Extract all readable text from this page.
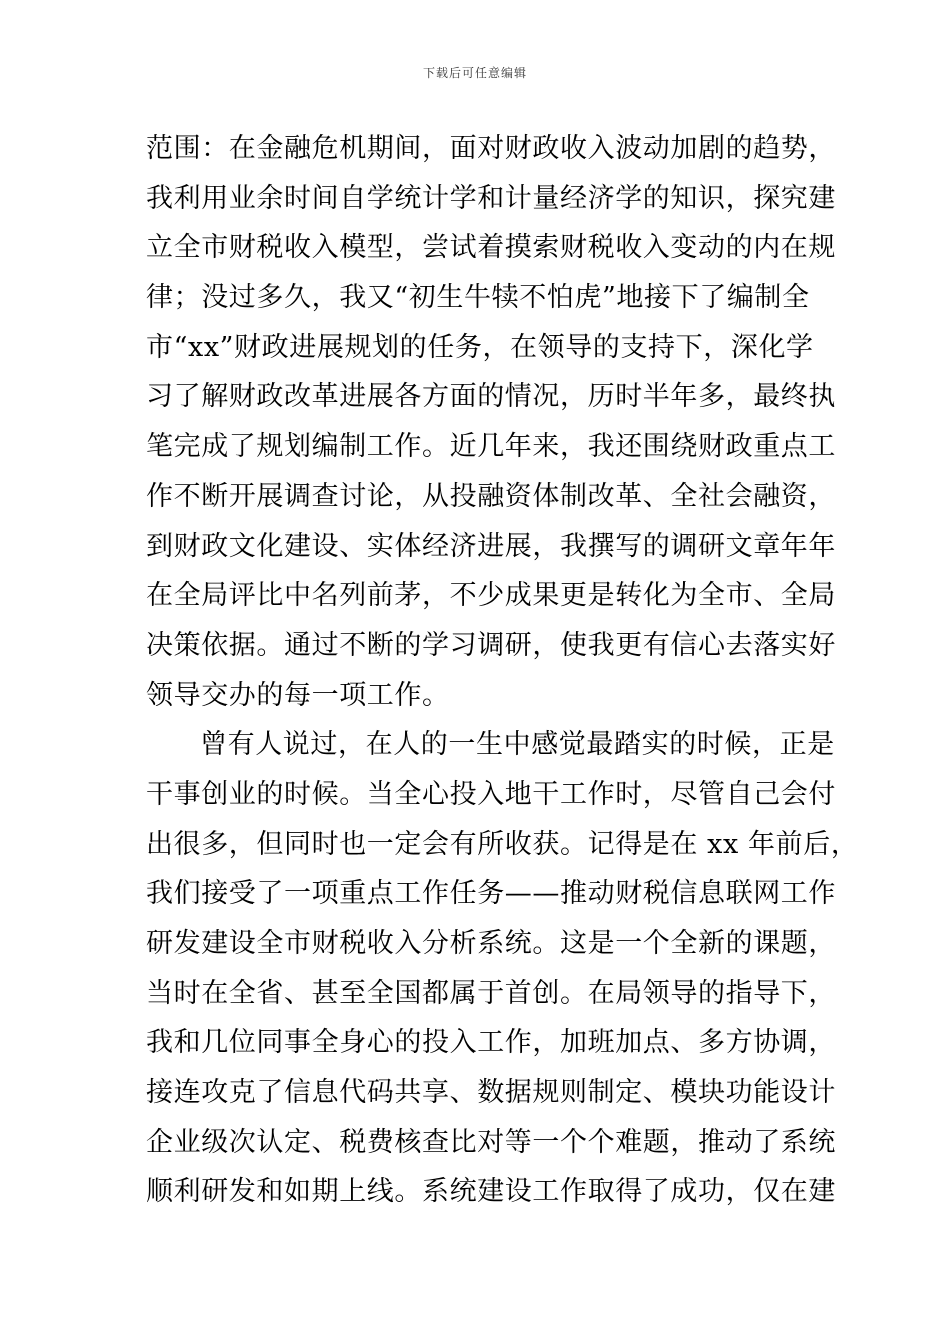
下载后可任意编辑
范围：在金融危机期间，面对财政收入波动加剧的趋势，
我利用业余时间自学统计学和计量经济学的知识，探究建
立全市财税收入模型，尝试着摸索财税收入变动的内在规
律；没过多久，我又“初生牛犊不怕虎”地接下了编制全
市“xx”财政进展规划的任务，在领导的支持下，深化学
习了解财政改革进展各方面的情况，历时半年多，最终执
笔完成了规划编制工作。近几年来，我还围绕财政重点工
作不断开展调查讨论，从投融资体制改革、全社会融资，
到财政文化建设、实体经济进展，我撰写的调研文章年年
在全局评比中名列前茅，不少成果更是转化为全市、全局
决策依据。通过不断的学习调研，使我更有信心去落实好
领导交办的每一项工作。
曾有人说过，在人的一生中感觉最踏实的时候，正是
干事创业的时候。当全心投入地干工作时，尽管自己会付
出很多，但同时也一定会有所收获。记得是在 xx 年前后，
我们接受了一项重点工作任务——推动财税信息联网工作
研发建设全市财税收入分析系统。这是一个全新的课题，
当时在全省、甚至全国都属于首创。在局领导的指导下，
我和几位同事全身心的投入工作，加班加点、多方协调，
接连攻克了信息代码共享、数据规则制定、模块功能设计
企业级次认定、税费核查比对等一个个难题，推动了系统
顺利研发和如期上线。系统建设工作取得了成功，仅在建
